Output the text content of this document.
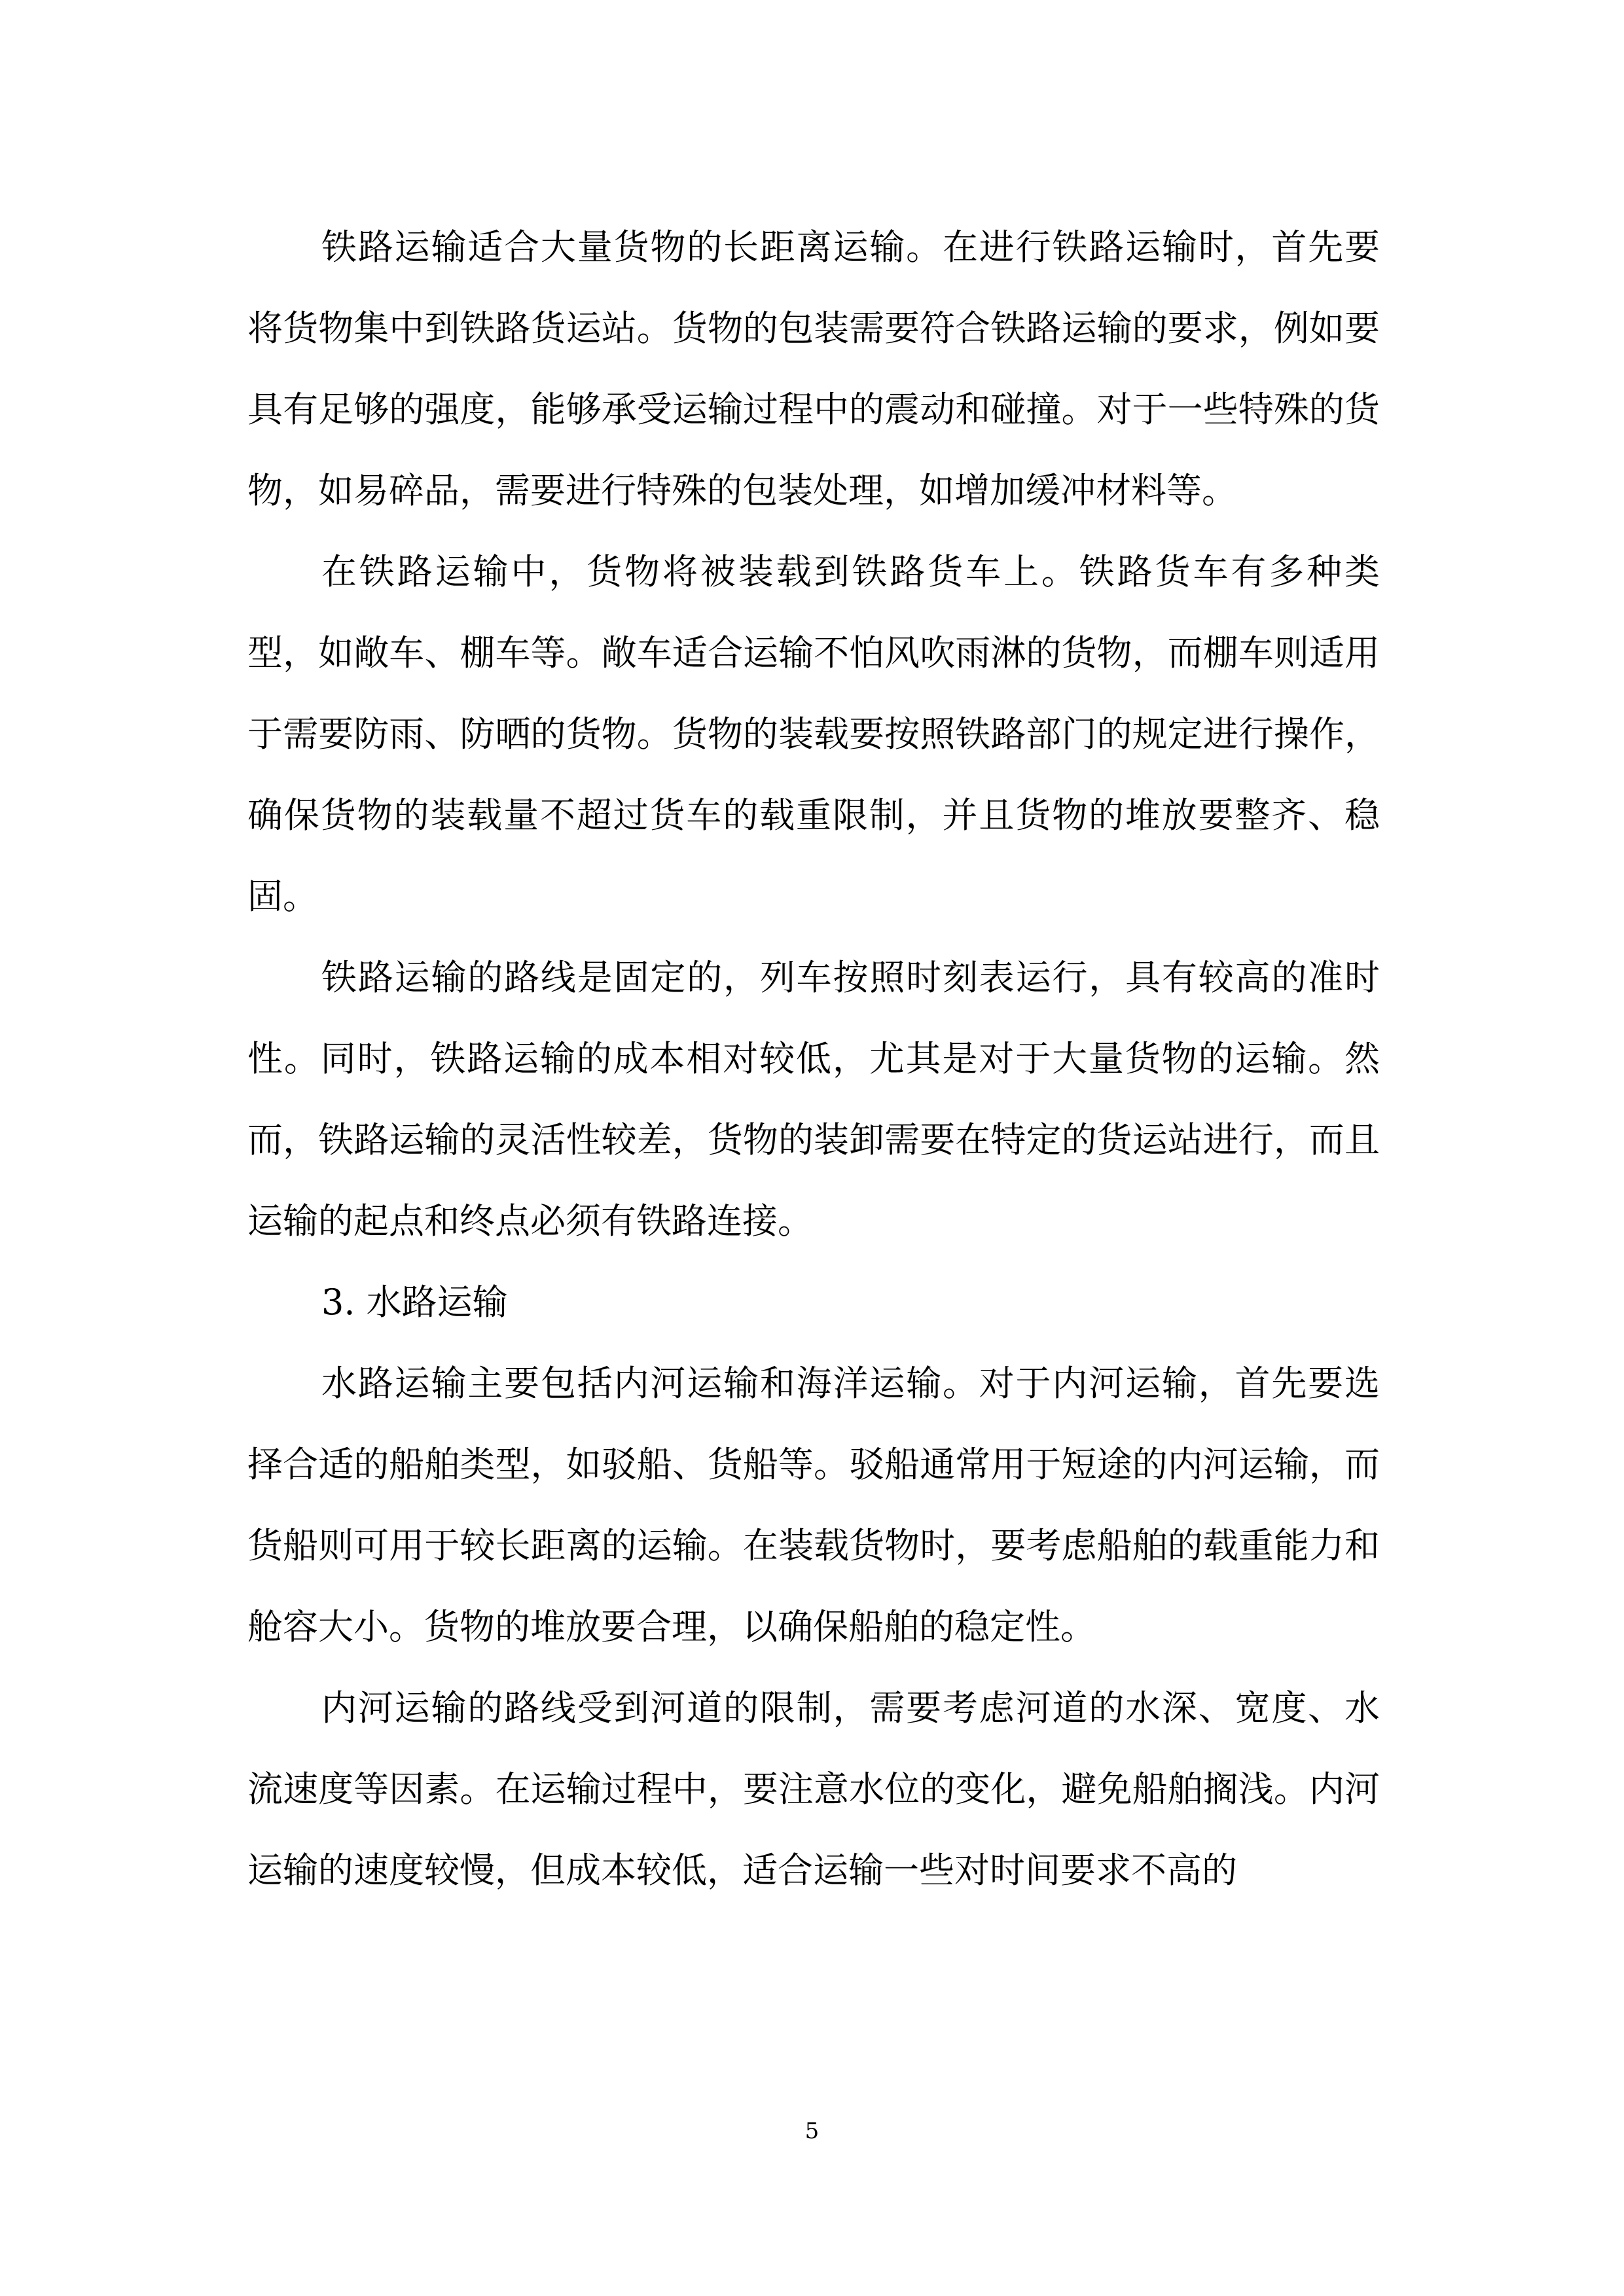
铁路运输适合大量货物的长距离运输。在进行铁路运输时，首先要将货物集中到铁路货运站。货物的包装需要符合铁路运输的要求，例如要具有足够的强度，能够承受运输过程中的震动和碰撞。对于一些特殊的货物，如易碎品，需要进行特殊的包装处理，如增加缓冲材料等。

在铁路运输中，货物将被装载到铁路货车上。铁路货车有多种类型，如敞车、棚车等。敞车适合运输不怕风吹雨淋的货物，而棚车则适用于需要防雨、防晒的货物。货物的装载要按照铁路部门的规定进行操作，确保货物的装载量不超过货车的载重限制，并且货物的堆放要整齐、稳固。

铁路运输的路线是固定的，列车按照时刻表运行，具有较高的准时性。同时，铁路运输的成本相对较低，尤其是对于大量货物的运输。然而，铁路运输的灵活性较差，货物的装卸需要在特定的货运站进行，而且运输的起点和终点必须有铁路连接。

3. 水路运输

水路运输主要包括内河运输和海洋运输。对于内河运输，首先要选择合适的船舶类型，如驳船、货船等。驳船通常用于短途的内河运输，而货船则可用于较长距离的运输。在装载货物时，要考虑船舶的载重能力和舱容大小。货物的堆放要合理，以确保船舶的稳定性。

内河运输的路线受到河道的限制，需要考虑河道的水深、宽度、水流速度等因素。在运输过程中，要注意水位的变化，避免船舶搁浅。内河运输的速度较慢，但成本较低，适合运输一些对时间要求不高的

5
